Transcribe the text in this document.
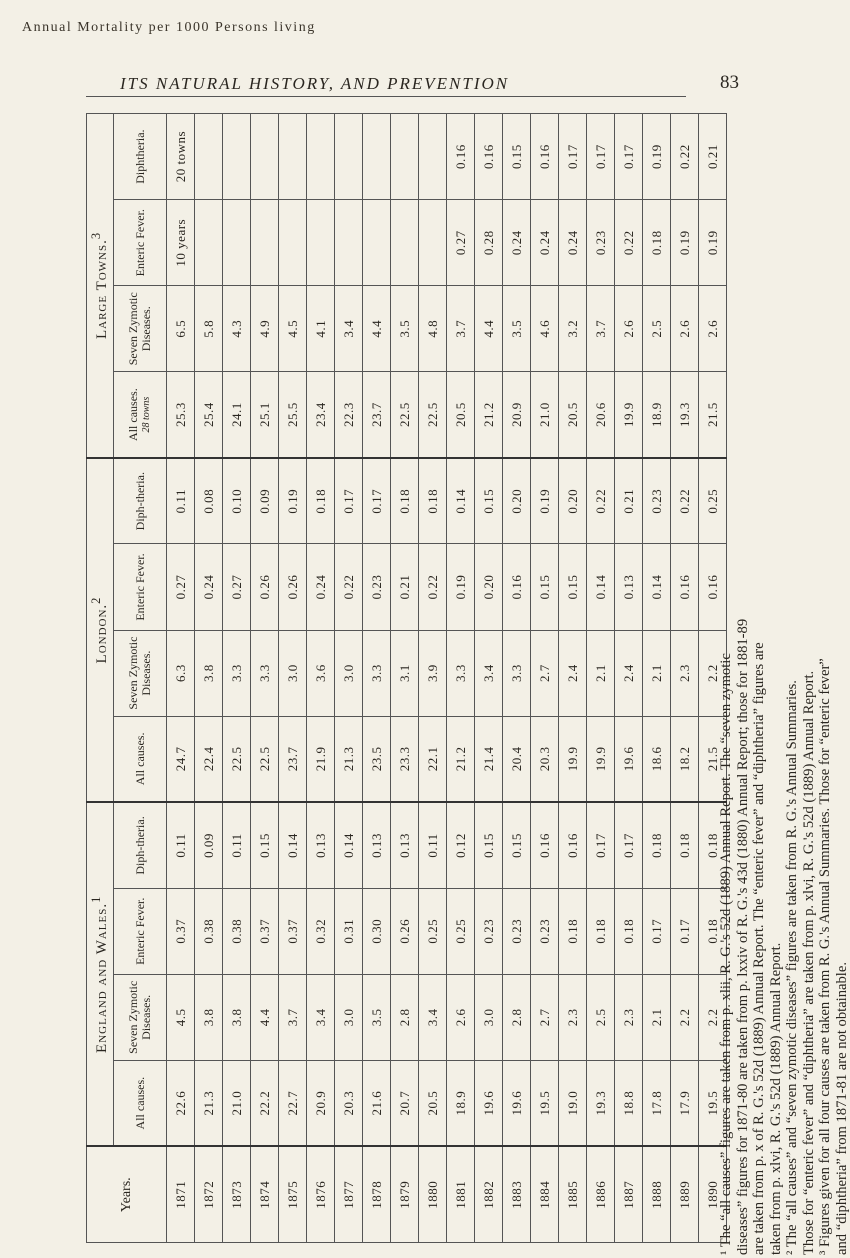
Annual Mortality per 1000 Persons living
ITS NATURAL HISTORY, AND PREVENTION	83
Years.	England and Wales.$^1$				London.$^2$				Large Towns.$^3$
	All causes.	Seven Zymotic Diseases.	Enteric Fever.	Diph-theria.	All causes.	Seven Zymotic Diseases.	Enteric Fever.	Diph-theria.	All causes. 28 towns	Seven Zymotic Diseases.	Enteric Fever.	Diphtheria.
1871	22.6	4.5	0.37	0.11	24.7	6.3	0.27	0.11	25.3	6.5	10 years	20 towns
1872	21.3	3.8	0.38	0.09	22.4	3.8	0.24	0.08	25.4	5.8		
1873	21.0	3.8	0.38	0.11	22.5	3.3	0.27	0.10	24.1	4.3		
1874	22.2	4.4	0.37	0.15	22.5	3.3	0.26	0.09	25.1	4.9		
1875	22.7	3.7	0.37	0.14	23.7	3.0	0.26	0.19	25.5	4.5		
1876	20.9	3.4	0.32	0.13	21.9	3.6	0.24	0.18	23.4	4.1		
1877	20.3	3.0	0.31	0.14	21.3	3.0	0.22	0.17	22.3	3.4		
1878	21.6	3.5	0.30	0.13	23.5	3.3	0.23	0.17	23.7	4.4		
1879	20.7	2.8	0.26	0.13	23.3	3.1	0.21	0.18	22.5	3.5		
1880	20.5	3.4	0.25	0.11	22.1	3.9	0.22	0.18	22.5	4.8		
1881	18.9	2.6	0.25	0.12	21.2	3.3	0.19	0.14	20.5	3.7	0.27	0.16
1882	19.6	3.0	0.23	0.15	21.4	3.4	0.20	0.15	21.2	4.4	0.28	0.16
1883	19.6	2.8	0.23	0.15	20.4	3.3	0.16	0.20	20.9	3.5	0.24	0.15
1884	19.5	2.7	0.23	0.16	20.3	2.7	0.15	0.19	21.0	4.6	0.24	0.16
1885	19.0	2.3	0.18	0.16	19.9	2.4	0.15	0.20	20.5	3.2	0.24	0.17
1886	19.3	2.5	0.18	0.17	19.9	2.1	0.14	0.22	20.6	3.7	0.23	0.17
1887	18.8	2.3	0.18	0.17	19.6	2.4	0.13	0.21	19.9	2.6	0.22	0.17
1888	17.8	2.1	0.17	0.18	18.6	2.1	0.14	0.23	18.9	2.5	0.18	0.19
1889	17.9	2.2	0.17	0.18	18.2	2.3	0.16	0.22	19.3	2.6	0.19	0.22
1890	19.5	2.2	0.18	0.18	21.5	2.2	0.16	0.25	21.5	2.6	0.19	0.21

¹ The “all causes” figures are taken from p. xlii, R. G.'s 52d (1889) Annual Report. The “seven zymotic diseases” figures for 1871-80 are taken from p. lxxiv of R. G.'s 43d (1880) Annual Report; those for 1881-89 are taken from p. x of R. G.'s 52d (1889) Annual Report. The “enteric fever” and “diphtheria” figures are taken from p. xlvi, R. G.'s 52d (1889) Annual Report. ² The “all causes” and “seven zymotic diseases” figures are taken from R. G.'s Annual Summaries. Those for “enteric fever” and “diphtheria” are taken from p. xlvi, R. G.'s 52d (1889) Annual Report. ³ Figures given for all four causes are taken from R. G.'s Annual Summaries. Those for “enteric fever” and “diphtheria” from 1871-81 are not obtainable.
